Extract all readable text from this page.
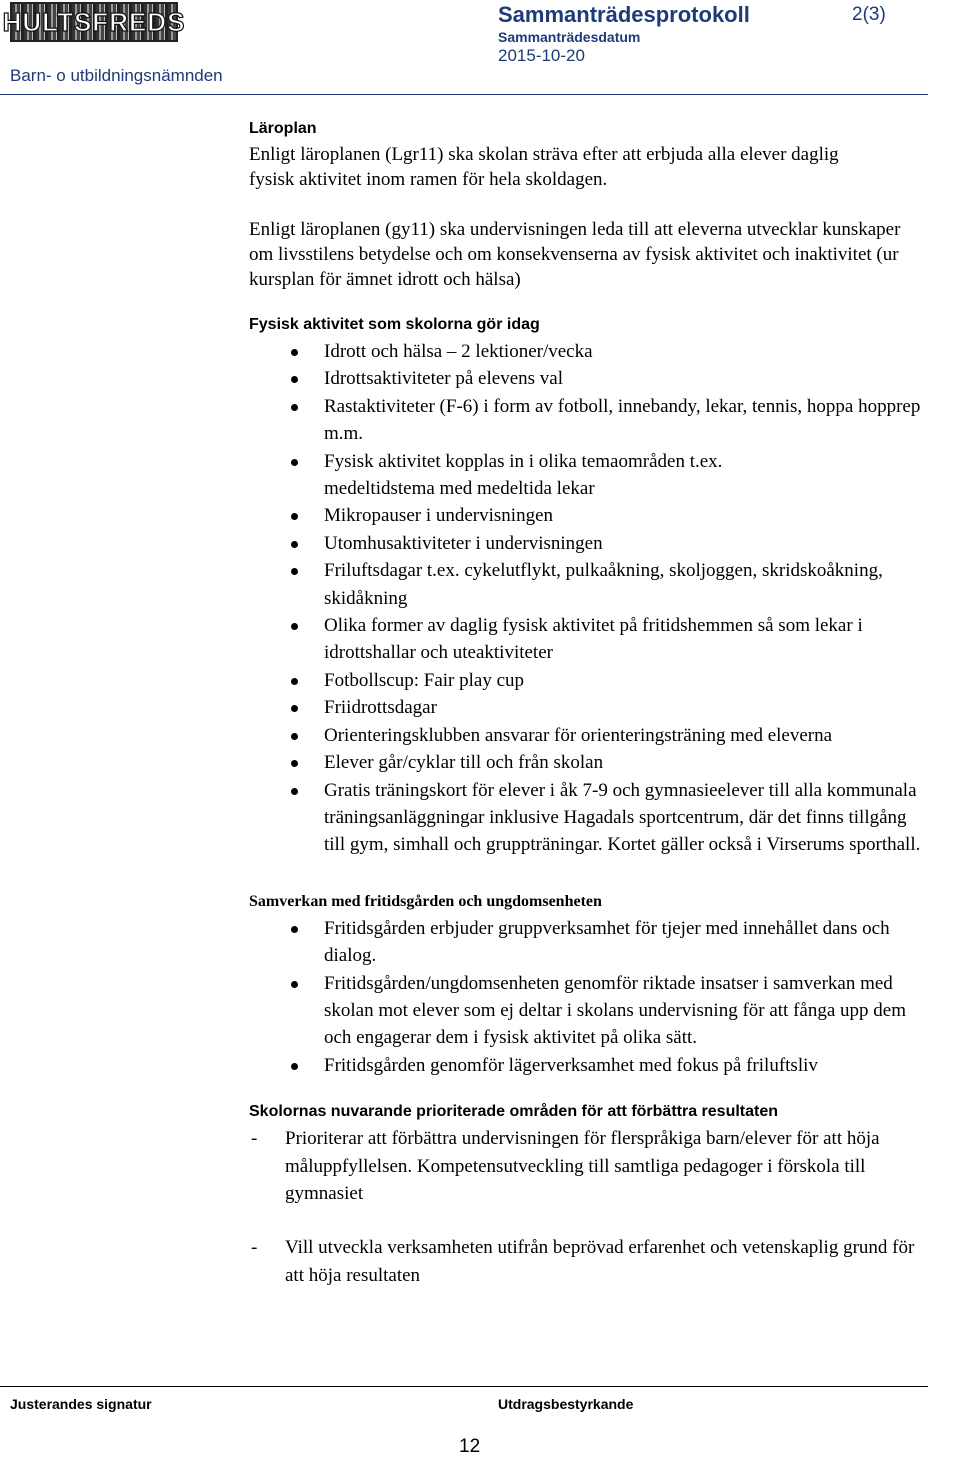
HULTSFREDS	Sammanträdesprotokoll	2(3)
Sammanträdesdatum
2015-10-20
Barn- o utbildningsnämnden
Läroplan

Enligt läroplanen (Lgr11) ska skolan sträva efter att erbjuda alla elever daglig fysisk aktivitet inom ramen för hela skoldagen.

Enligt läroplanen (gy11) ska undervisningen leda till att eleverna utvecklar kunskaper om livsstilens betydelse och om konsekvenserna av fysisk aktivitet och inaktivitet (ur kursplan för ämnet idrott och hälsa)

Fysisk aktivitet som skolorna gör idag
Idrott och hälsa – 2 lektioner/vecka
Idrottsaktiviteter på elevens val
Rastaktiviteter (F-6) i form av fotboll, innebandy, lekar, tennis, hoppa hopprep m.m.
Fysisk aktivitet kopplas in i olika temaområden t.ex.
medeltidstema med medeltida lekar
Mikropauser i undervisningen
Utomhusaktiviteter i undervisningen
Friluftsdagar t.ex. cykelutflykt, pulkaåkning, skoljoggen, skridskoåkning, skidåkning
Olika former av daglig fysisk aktivitet på fritidshemmen så som lekar i idrottshallar och uteaktiviteter
Fotbollscup: Fair play cup
Friidrottsdagar
Orienteringsklubben ansvarar för orienteringsträning med eleverna
Elever går/cyklar till och från skolan
Gratis träningskort för elever i åk 7-9 och gymnasieelever till alla kommunala träningsanläggningar inklusive Hagadals sportcentrum, där det finns tillgång till gym, simhall och gruppträningar. Kortet gäller också i Virserums sporthall.
Samverkan med fritidsgården och ungdomsenheten
Fritidsgården erbjuder gruppverksamhet för tjejer med innehållet dans och dialog.
Fritidsgården/ungdomsenheten genomför riktade insatser i samverkan med skolan mot elever som ej deltar i skolans undervisning för att fånga upp dem och engagerar dem i fysisk aktivitet på olika sätt.
Fritidsgården genomför lägerverksamhet med fokus på friluftsliv
Skolornas nuvarande prioriterade områden för att förbättra resultaten
- Prioriterar att förbättra undervisningen för flerspråkiga barn/elever för att höja måluppfyllelsen. Kompetensutveckling till samtliga pedagoger i förskola till gymnasiet
- Vill utveckla verksamheten utifrån beprövad erfarenhet och vetenskaplig grund för att höja resultaten
Justerandes signatur	Utdragsbestyrkande
12
